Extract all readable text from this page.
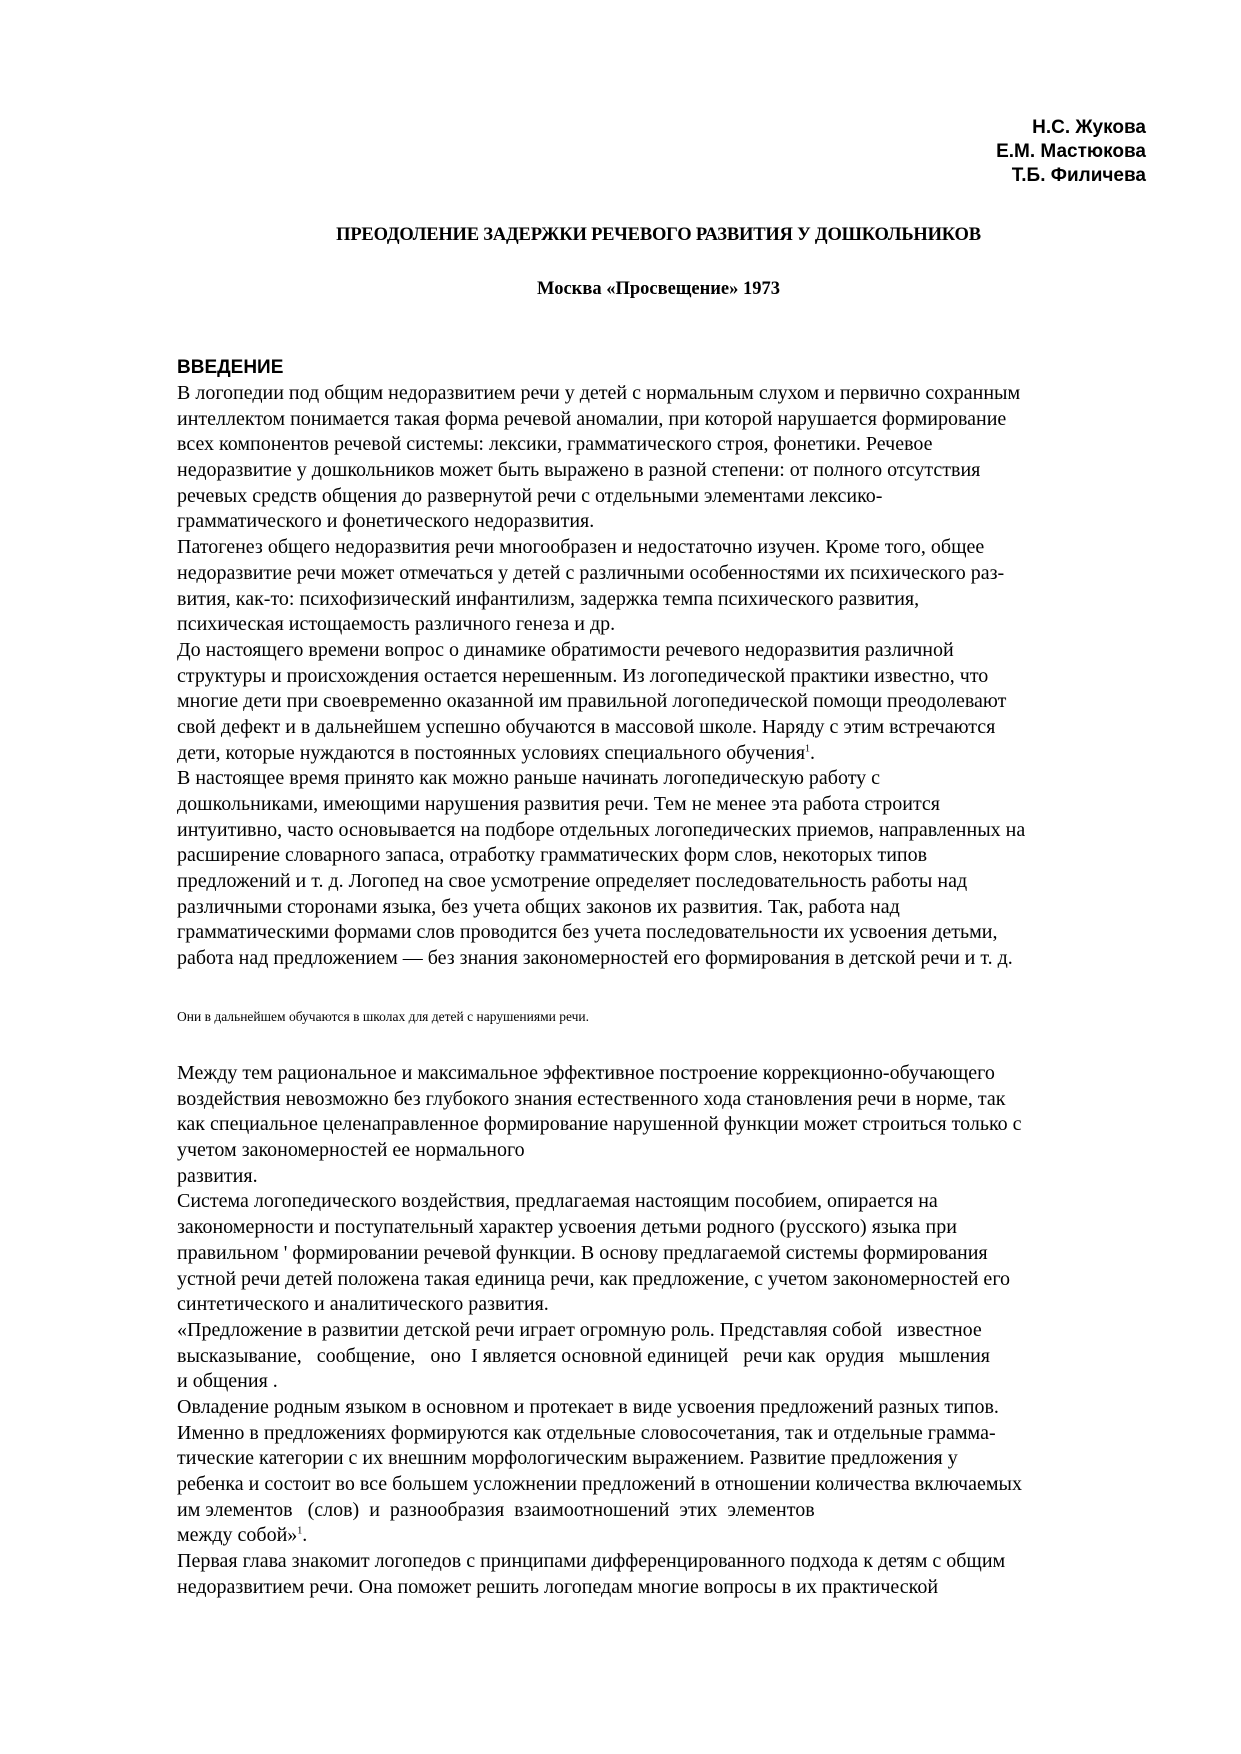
Н.С. Жукова
Е.М. Мастюкова
Т.Б. Филичева
ПРЕОДОЛЕНИЕ ЗАДЕРЖКИ РЕЧЕВОГО РАЗВИТИЯ У ДОШКОЛЬНИКОВ
Москва «Просвещение» 1973
ВВЕДЕНИЕ
В логопедии под общим недоразвитием речи у детей с нормальным слухом и первично сохранным
интеллектом понимается такая форма речевой аномалии, при которой нарушается формирование
всех компонентов речевой системы: лексики, грамматического строя, фонетики. Речевое
недоразвитие у дошкольников может быть выражено в разной степени: от полного отсутствия
речевых средств общения до развернутой речи с отдельными элементами лексико-
грамматического и фонетического недоразвития.
Патогенез общего недоразвития речи многообразен и недостаточно изучен. Кроме того, общее
недоразвитие речи может отмечаться у детей с различными особенностями их психического раз-
вития, как-то: психофизический инфантилизм, задержка темпа психического развития,
психическая истощаемость различного генеза и др.
До настоящего времени вопрос о динамике обратимости речевого недоразвития различной
структуры и происхождения остается нерешенным. Из логопедической практики известно, что
многие дети при своевременно оказанной им правильной логопедической помощи преодолевают
свой дефект и в дальнейшем успешно обучаются в массовой школе. Наряду с этим встречаются
дети, которые нуждаются в постоянных условиях специального обучения$^1$.
В настоящее время принято как можно раньше начинать логопедическую работу с
дошкольниками, имеющими нарушения развития речи. Тем не менее эта работа строится
интуитивно, часто основывается на подборе отдельных логопедических приемов, направленных на
расширение словарного запаса, отработку грамматических форм слов, некоторых типов
предложений и т. д. Логопед на свое усмотрение определяет последовательность работы над
различными сторонами языка, без учета общих законов их развития. Так, работа над
грамматическими формами слов проводится без учета последовательности их усвоения детьми,
работа над предложением — без знания закономерностей его формирования в детской речи и т. д.
Они в дальнейшем обучаются в школах для детей с нарушениями речи.
Между тем рациональное и максимальное эффективное построение коррекционно-обучающего
воздействия невозможно без глубокого знания естественного хода становления речи в норме, так
как специальное целенаправленное формирование нарушенной функции может строиться только с
учетом закономерностей ее нормального
развития.
Система логопедического воздействия, предлагаемая настоящим пособием, опирается на
закономерности и поступательный характер усвоения детьми родного (русского) языка при
правильном ' формировании речевой функции. В основу предлагаемой системы формирования
устной речи детей положена такая единица речи, как предложение, с учетом закономерностей его
синтетического и аналитического развития.
«Предложение в развитии детской речи играет огромную роль. Представляя собой   известное
высказывание,   сообщение,   оно  I является основной единицей   речи как  орудия   мышления
и общения .
Овладение родным языком в основном и протекает в виде усвоения предложений разных типов.
Именно в предложениях формируются как отдельные словосочетания, так и отдельные грамма-
тические категории с их внешним морфологическим выражением. Развитие предложения у
ребенка и состоит во все большем усложнении предложений в отношении количества включаемых
им элементов   (слов)  и  разнообразия  взаимоотношений  этих  элементов
между собой»$^1$.
Первая глава знакомит логопедов с принципами дифференцированного подхода к детям с общим
недоразвитием речи. Она поможет решить логопедам многие вопросы в их практической
